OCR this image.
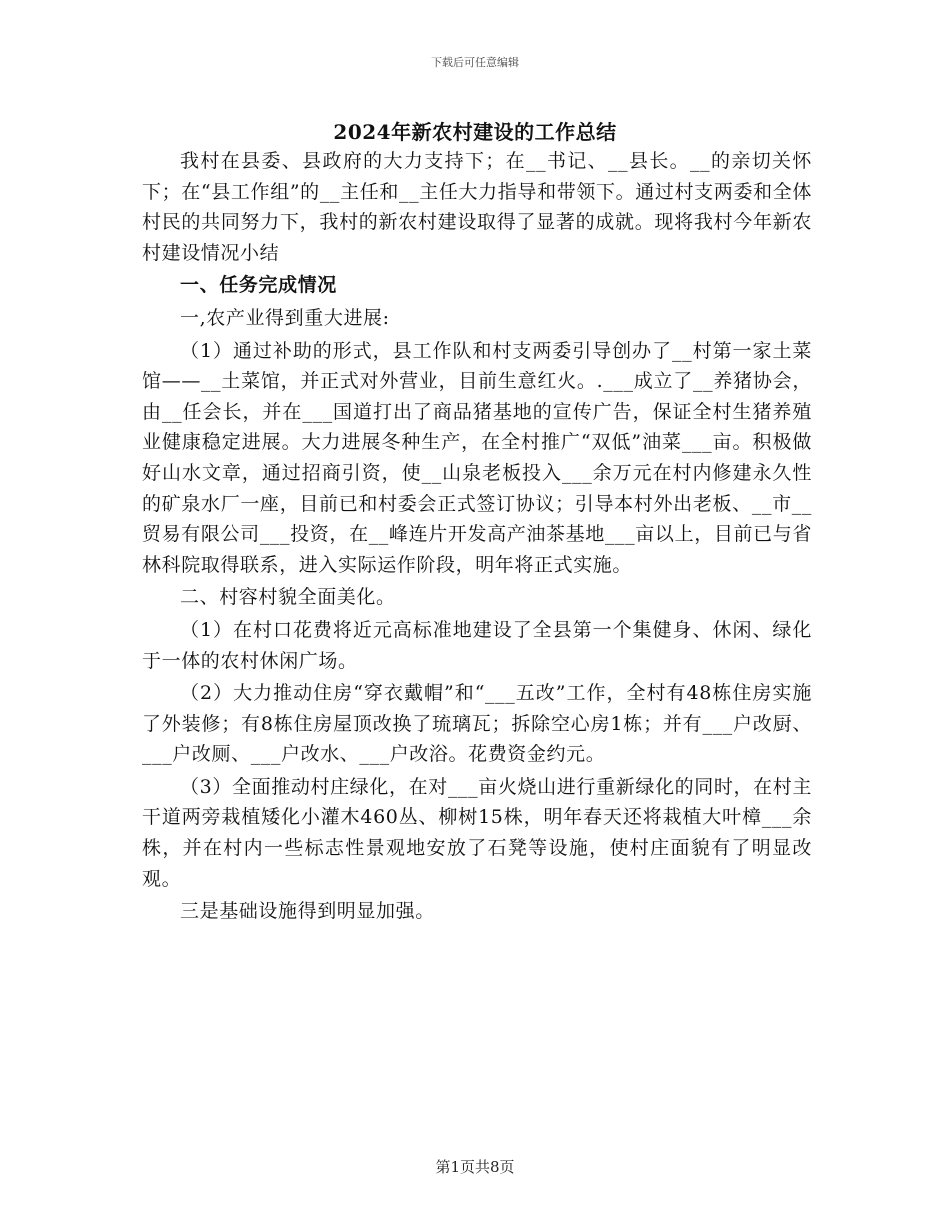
下载后可任意编辑
2024年新农村建设的工作总结

我村在县委、县政府的大力支持下；在__书记、__县长。__的亲切关怀下；在“县工作组”的__主任和__主任大力指导和带领下。通过村支两委和全体村民的共同努力下，我村的新农村建设取得了显著的成就。现将我村今年新农村建设情况小结

一、任务完成情况

一,农产业得到重大进展:

（1）通过补助的形式，县工作队和村支两委引导创办了__村第一家土菜馆——__土菜馆，并正式对外营业，目前生意红火。.___成立了__养猪协会，由__任会长，并在___国道打出了商品猪基地的宣传广告，保证全村生猪养殖业健康稳定进展。大力进展冬种生产，在全村推广“双低”油菜___亩。积极做好山水文章，通过招商引资，使__山泉老板投入___余万元在村内修建永久性的矿泉水厂一座，目前已和村委会正式签订协议；引导本村外出老板、__市__贸易有限公司___投资，在__峰连片开发高产油茶基地___亩以上，目前已与省林科院取得联系，进入实际运作阶段，明年将正式实施。

二、村容村貌全面美化。

（1）在村口花费将近元高标准地建设了全县第一个集健身、休闲、绿化于一体的农村休闲广场。

（2）大力推动住房“穿衣戴帽”和“___五改”工作，全村有48栋住房实施了外装修；有8栋住房屋顶改换了琉璃瓦；拆除空心房1栋；并有___户改厨、___户改厕、___户改水、___户改浴。花费资金约元。

（3）全面推动村庄绿化，在对___亩火烧山进行重新绿化的同时，在村主干道两旁栽植矮化小灌木460丛、柳树15株，明年春天还将栽植大叶樟___余株，并在村内一些标志性景观地安放了石凳等设施，使村庄面貌有了明显改观。

三是基础设施得到明显加强。

第1页共8页
